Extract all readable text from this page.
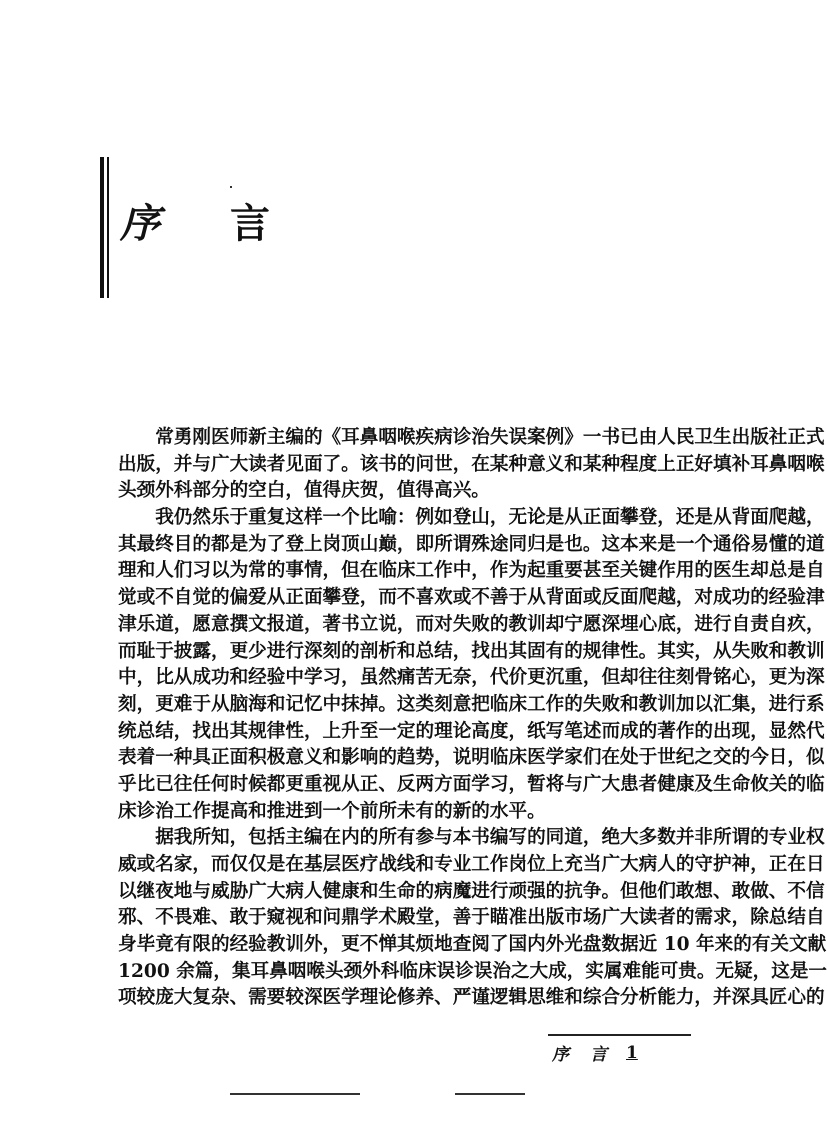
序 言
　　常勇刚医师新主编的《耳鼻咽喉疾病诊治失误案例》一书已由人民卫生出版社正式
出版，并与广大读者见面了。该书的问世，在某种意义和某种程度上正好填补耳鼻咽喉
头颈外科部分的空白，值得庆贺，值得高兴。
　　我仍然乐于重复这样一个比喻：例如登山，无论是从正面攀登，还是从背面爬越，
其最终目的都是为了登上岗顶山巅，即所谓殊途同归是也。这本来是一个通俗易懂的道
理和人们习以为常的事情，但在临床工作中，作为起重要甚至关键作用的医生却总是自
觉或不自觉的偏爱从正面攀登，而不喜欢或不善于从背面或反面爬越，对成功的经验津
津乐道，愿意撰文报道，著书立说，而对失败的教训却宁愿深埋心底，进行自责自疚，
而耻于披露，更少进行深刻的剖析和总结，找出其固有的规律性。其实，从失败和教训
中，比从成功和经验中学习，虽然痛苦无奈，代价更沉重，但却往往刻骨铭心，更为深
刻，更难于从脑海和记忆中抹掉。这类刻意把临床工作的失败和教训加以汇集，进行系
统总结，找出其规律性，上升至一定的理论高度，纸写笔述而成的著作的出现，显然代
表着一种具正面积极意义和影响的趋势，说明临床医学家们在处于世纪之交的今日，似
乎比已往任何时候都更重视从正、反两方面学习，暂将与广大患者健康及生命攸关的临
床诊治工作提高和推进到一个前所未有的新的水平。
　　据我所知，包括主编在内的所有参与本书编写的同道，绝大多数并非所谓的专业权
威或名家，而仅仅是在基层医疗战线和专业工作岗位上充当广大病人的守护神，正在日
以继夜地与威胁广大病人健康和生命的病魔进行顽强的抗争。但他们敢想、敢做、不信
邪、不畏难、敢于窥视和问鼎学术殿堂，善于瞄准出版市场广大读者的需求，除总结自
身毕竟有限的经验教训外，更不惮其烦地查阅了国内外光盘数据近 10 年来的有关文献
1200 余篇，集耳鼻咽喉头颈外科临床误诊误治之大成，实属难能可贵。无疑，这是一
项较庞大复杂、需要较深医学理论修养、严谨逻辑思维和综合分析能力，并深具匠心的
序	言	1
